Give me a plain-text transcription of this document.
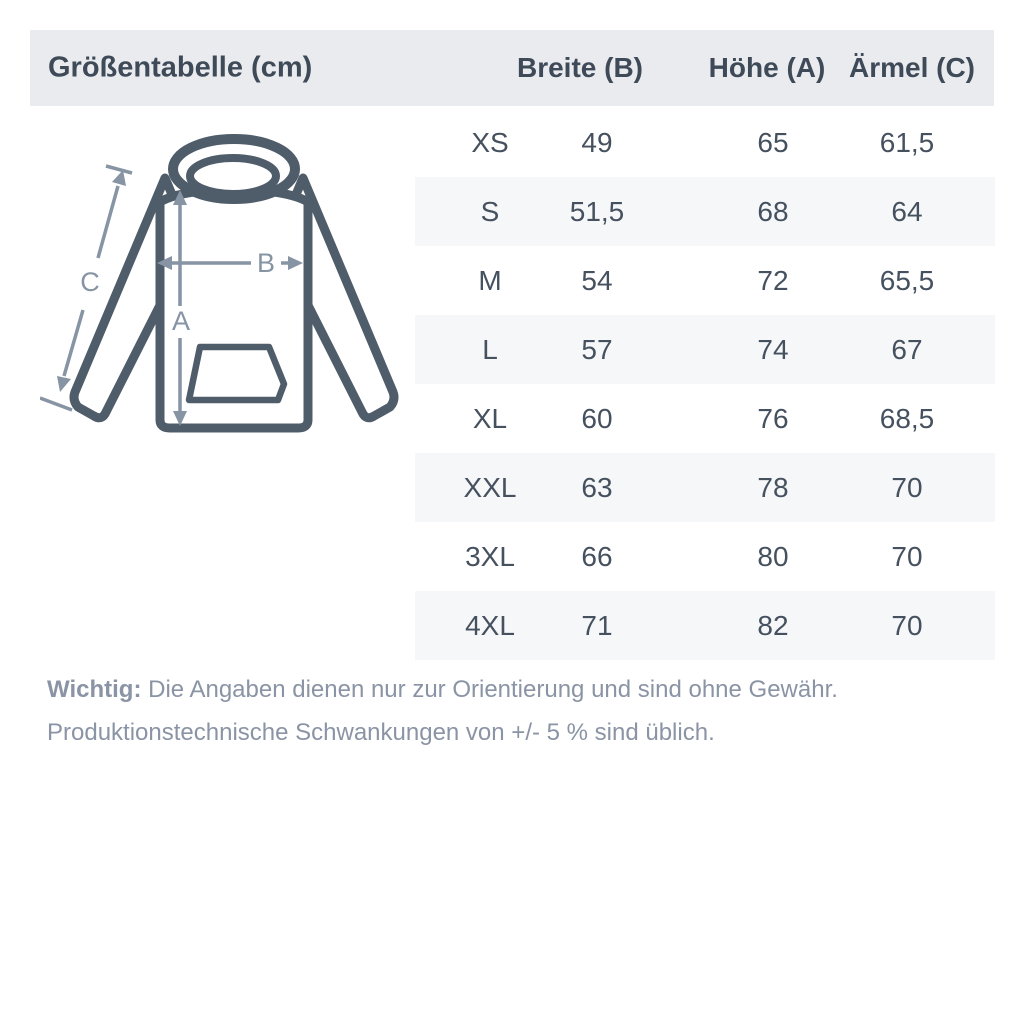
Größentabelle (cm)	Breite (B) Höhe (A) Ärmel (C)
A
B
C
XS	49	65	61,5
S	51,5	68	64
M	54	72	65,5
L	57	74	67
XL	60	76	68,5
XXL 63	78	70
3XL 66	80	70
4XL 71	82	70
Wichtig: Die Angaben dienen nur zur Orientierung und sind ohne Gewähr.
Produktionstechnische Schwankungen von +/- 5 % sind üblich.
